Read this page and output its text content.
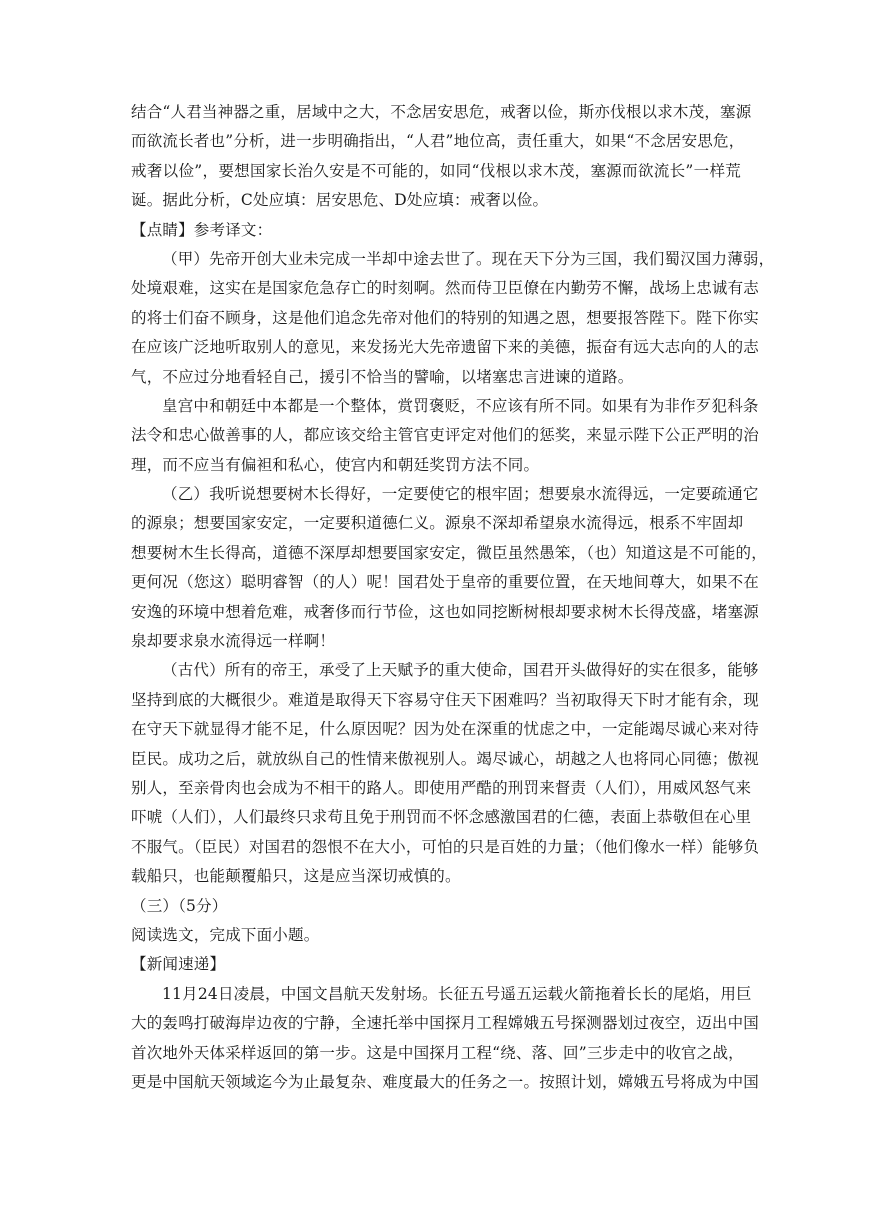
结合“人君当神器之重，居域中之大，不念居安思危，戒奢以俭，斯亦伐根以求木茂，塞源
而欲流长者也”分析，进一步明确指出，“人君”地位高，责任重大，如果“不念居安思危，
戒奢以俭”，要想国家长治久安是不可能的，如同“伐根以求木茂，塞源而欲流长”一样荒
诞。据此分析，C处应填：居安思危、D处应填：戒奢以俭。
【点睛】参考译文：
（甲）先帝开创大业未完成一半却中途去世了。现在天下分为三国，我们蜀汉国力薄弱，
处境艰难，这实在是国家危急存亡的时刻啊。然而侍卫臣僚在内勤劳不懈，战场上忠诚有志
的将士们奋不顾身，这是他们追念先帝对他们的特别的知遇之恩，想要报答陛下。陛下你实
在应该广泛地听取别人的意见，来发扬光大先帝遗留下来的美德，振奋有远大志向的人的志
气，不应过分地看轻自己，援引不恰当的譬喻，以堵塞忠言进谏的道路。
皇宫中和朝廷中本都是一个整体，赏罚褒贬，不应该有所不同。如果有为非作歹犯科条
法令和忠心做善事的人，都应该交给主管官吏评定对他们的惩奖，来显示陛下公正严明的治
理，而不应当有偏袒和私心，使宫内和朝廷奖罚方法不同。
（乙）我听说想要树木长得好，一定要使它的根牢固；想要泉水流得远，一定要疏通它
的源泉；想要国家安定，一定要积道德仁义。源泉不深却希望泉水流得远，根系不牢固却
想要树木生长得高，道德不深厚却想要国家安定，微臣虽然愚笨，（也）知道这是不可能的，
更何况（您这）聪明睿智（的人）呢！国君处于皇帝的重要位置，在天地间尊大，如果不在
安逸的环境中想着危难，戒奢侈而行节俭，这也如同挖断树根却要求树木长得茂盛，堵塞源
泉却要求泉水流得远一样啊！
（古代）所有的帝王，承受了上天赋予的重大使命，国君开头做得好的实在很多，能够
坚持到底的大概很少。难道是取得天下容易守住天下困难吗？当初取得天下时才能有余，现
在守天下就显得才能不足，什么原因呢？因为处在深重的忧虑之中，一定能竭尽诚心来对待
臣民。成功之后，就放纵自己的性情来傲视别人。竭尽诚心，胡越之人也将同心同德；傲视
别人，至亲骨肉也会成为不相干的路人。即使用严酷的刑罚来督责（人们），用威风怒气来
吓唬（人们），人们最终只求苟且免于刑罚而不怀念感激国君的仁德，表面上恭敬但在心里
不服气。（臣民）对国君的怨恨不在大小，可怕的只是百姓的力量；（他们像水一样）能够负
载船只，也能颠覆船只，这是应当深切戒慎的。
（三）（5分）
阅读选文，完成下面小题。
【新闻速递】
11月24日凌晨，中国文昌航天发射场。长征五号遥五运载火箭拖着长长的尾焰，用巨
大的轰鸣打破海岸边夜的宁静，全速托举中国探月工程嫦娥五号探测器划过夜空，迈出中国
首次地外天体采样返回的第一步。这是中国探月工程“绕、落、回”三步走中的收官之战，
更是中国航天领域迄今为止最复杂、难度最大的任务之一。按照计划，嫦娥五号将成为中国
